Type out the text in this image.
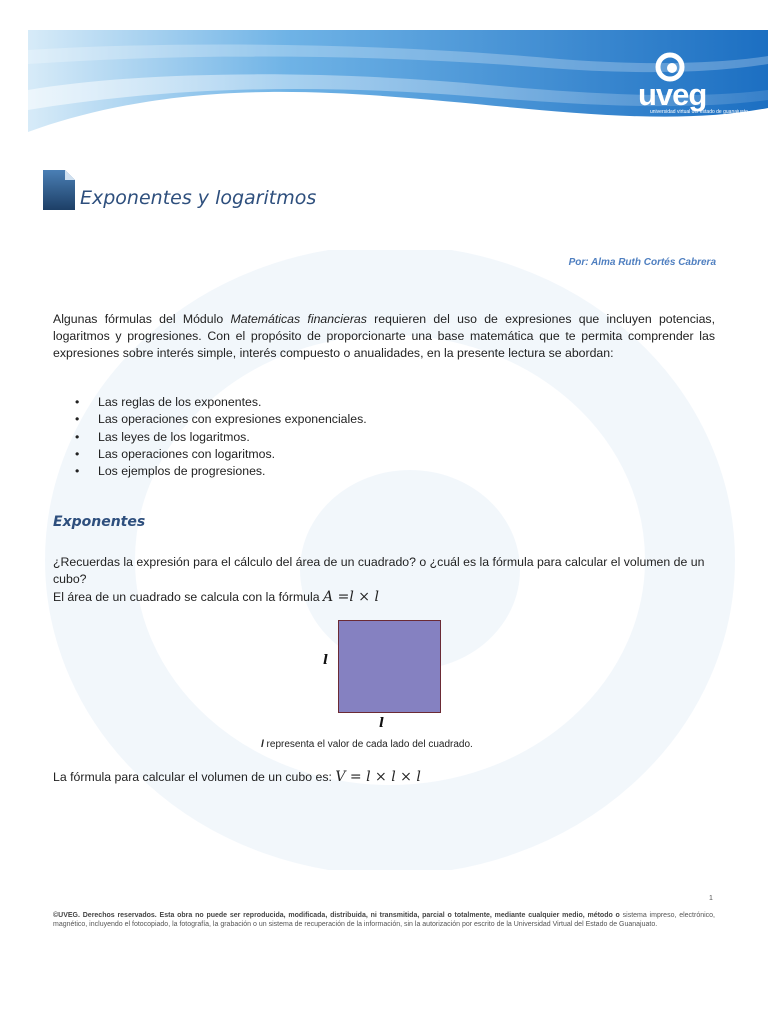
uveg
universidad virtual del estado de guanajuato
Exponentes y logaritmos
Por: Alma Ruth Cortés Cabrera

Algunas fórmulas del Módulo Matemáticas financieras requieren del uso de expresiones que incluyen potencias, logaritmos y progresiones. Con el propósito de proporcionarte una base matemática que te permita comprender las expresiones sobre interés simple, interés compuesto o anualidades, en la presente lectura se abordan:

• Las reglas de los exponentes.
• Las operaciones con expresiones exponenciales.
• Las leyes de los logaritmos.
• Las operaciones con logaritmos.
• Los ejemplos de progresiones.
Exponentes

¿Recuerdas la expresión para el cálculo del área de un cuadrado? o ¿cuál es la fórmula para calcular el volumen de un cubo?

El área de un cuadrado se calcula con la fórmula A =l × l

l
l
l representa el valor de cada lado del cuadrado.

La fórmula para calcular el volumen de un cubo es: V = l × l × l

1

©UVEG. Derechos reservados. Esta obra no puede ser reproducida, modificada, distribuida, ni transmitida, parcial o totalmente, mediante cualquier medio, método o sistema impreso, electrónico, magnético, incluyendo el fotocopiado, la fotografía, la grabación o un sistema de recuperación de la información, sin la autorización por escrito de la Universidad Virtual del Estado de Guanajuato.
